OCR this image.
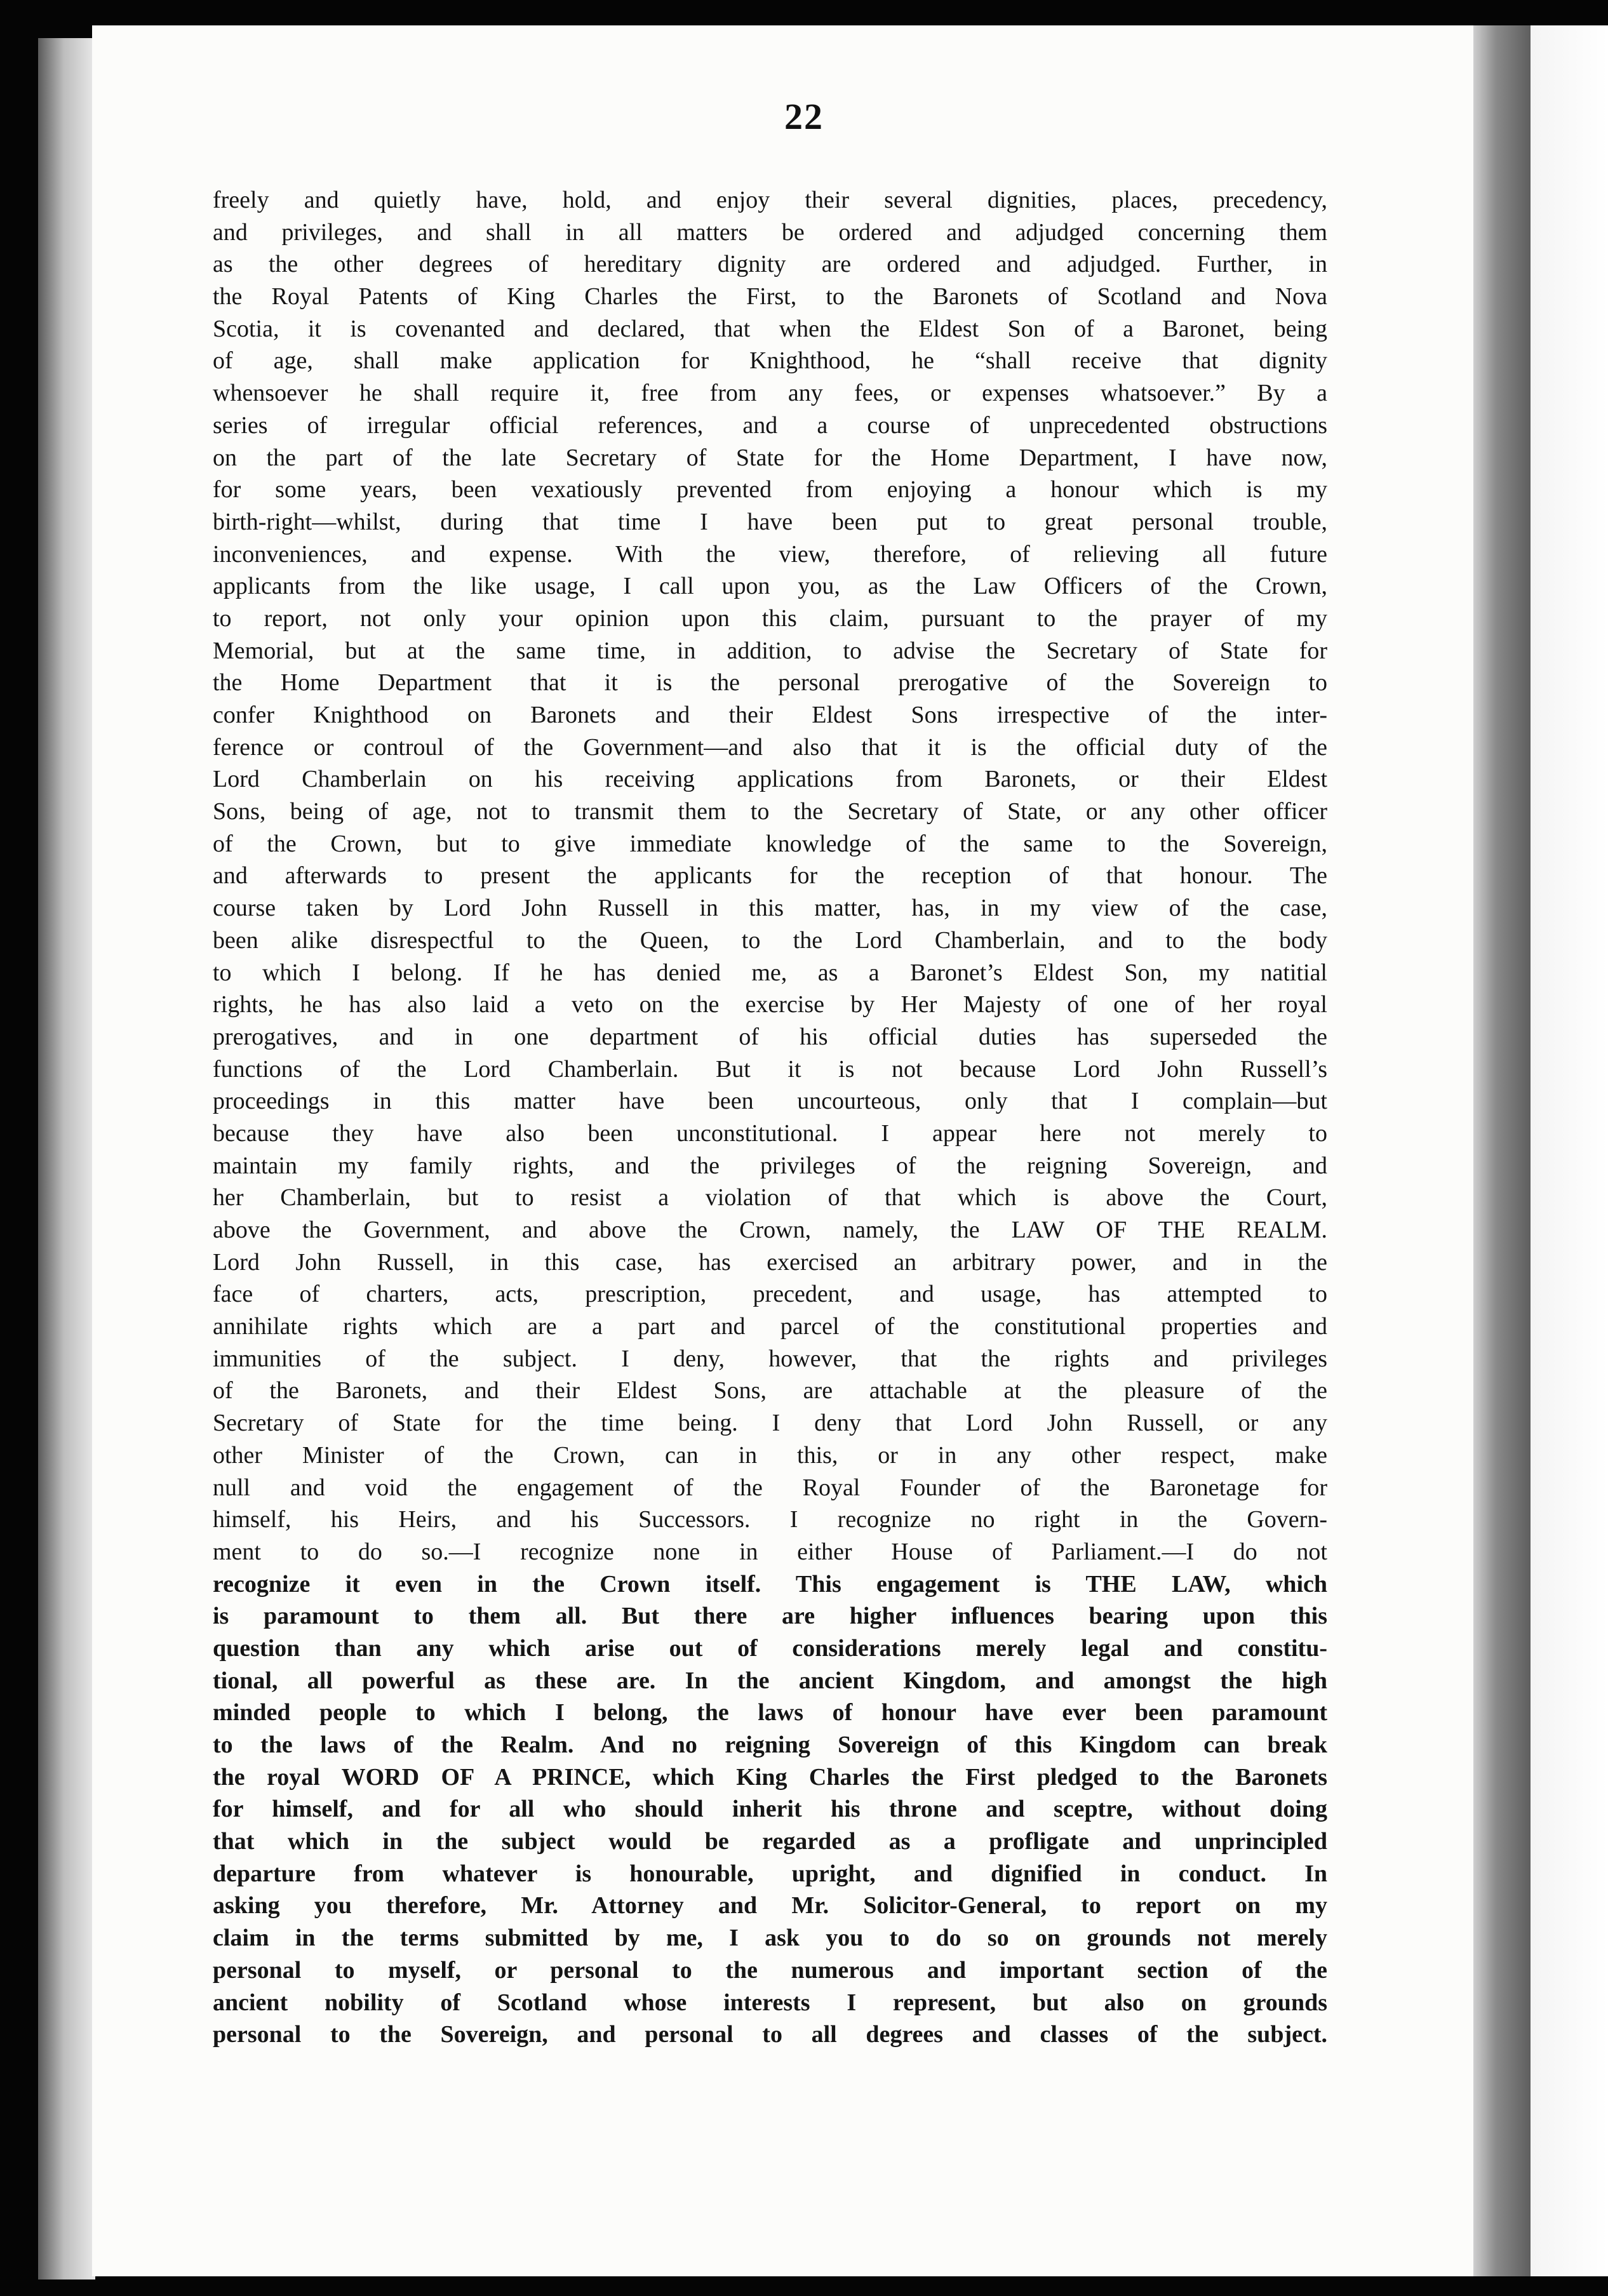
22
freely and quietly have, hold, and enjoy their several dignities, places, precedency,
and privileges, and shall in all matters be ordered and adjudged concerning them
as the other degrees of hereditary dignity are ordered and adjudged. Further, in
the Royal Patents of King Charles the First, to the Baronets of Scotland and Nova
Scotia, it is covenanted and declared, that when the Eldest Son of a Baronet, being
of age, shall make application for Knighthood, he “shall receive that dignity
whensoever he shall require it, free from any fees, or expenses whatsoever.” By a
series of irregular official references, and a course of unprecedented obstructions
on the part of the late Secretary of State for the Home Department, I have now,
for some years, been vexatiously prevented from enjoying a honour which is my
birth-right—whilst, during that time I have been put to great personal trouble,
inconveniences, and expense. With the view, therefore, of relieving all future
applicants from the like usage, I call upon you, as the Law Officers of the Crown,
to report, not only your opinion upon this claim, pursuant to the prayer of my
Memorial, but at the same time, in addition, to advise the Secretary of State for
the Home Department that it is the personal prerogative of the Sovereign to
confer Knighthood on Baronets and their Eldest Sons irrespective of the inter-
ference or controul of the Government—and also that it is the official duty of the
Lord Chamberlain on his receiving applications from Baronets, or their Eldest
Sons, being of age, not to transmit them to the Secretary of State, or any other officer
of the Crown, but to give immediate knowledge of the same to the Sovereign,
and afterwards to present the applicants for the reception of that honour. The
course taken by Lord John Russell in this matter, has, in my view of the case,
been alike disrespectful to the Queen, to the Lord Chamberlain, and to the body
to which I belong. If he has denied me, as a Baronet’s Eldest Son, my natitial
rights, he has also laid a veto on the exercise by Her Majesty of one of her royal
prerogatives, and in one department of his official duties has superseded the
functions of the Lord Chamberlain. But it is not because Lord John Russell’s
proceedings in this matter have been uncourteous, only that I complain—but
because they have also been unconstitutional. I appear here not merely to
maintain my family rights, and the privileges of the reigning Sovereign, and
her Chamberlain, but to resist a violation of that which is above the Court,
above the Government, and above the Crown, namely, the LAW OF THE REALM.
Lord John Russell, in this case, has exercised an arbitrary power, and in the
face of charters, acts, prescription, precedent, and usage, has attempted to
annihilate rights which are a part and parcel of the constitutional properties and
immunities of the subject. I deny, however, that the rights and privileges
of the Baronets, and their Eldest Sons, are attachable at the pleasure of the
Secretary of State for the time being. I deny that Lord John Russell, or any
other Minister of the Crown, can in this, or in any other respect, make
null and void the engagement of the Royal Founder of the Baronetage for
himself, his Heirs, and his Successors. I recognize no right in the Govern-
ment to do so.—I recognize none in either House of Parliament.—I do not
recognize it even in the Crown itself. This engagement is THE LAW, which
is paramount to them all. But there are higher influences bearing upon this
question than any which arise out of considerations merely legal and constitu-
tional, all powerful as these are. In the ancient Kingdom, and amongst the high
minded people to which I belong, the laws of honour have ever been paramount
to the laws of the Realm. And no reigning Sovereign of this Kingdom can break
the royal WORD OF A PRINCE, which King Charles the First pledged to the Baronets
for himself, and for all who should inherit his throne and sceptre, without doing
that which in the subject would be regarded as a profligate and unprincipled
departure from whatever is honourable, upright, and dignified in conduct. In
asking you therefore, Mr. Attorney and Mr. Solicitor-General, to report on my
claim in the terms submitted by me, I ask you to do so on grounds not merely
personal to myself, or personal to the numerous and important section of the
ancient nobility of Scotland whose interests I represent, but also on grounds
personal to the Sovereign, and personal to all degrees and classes of the subject.
